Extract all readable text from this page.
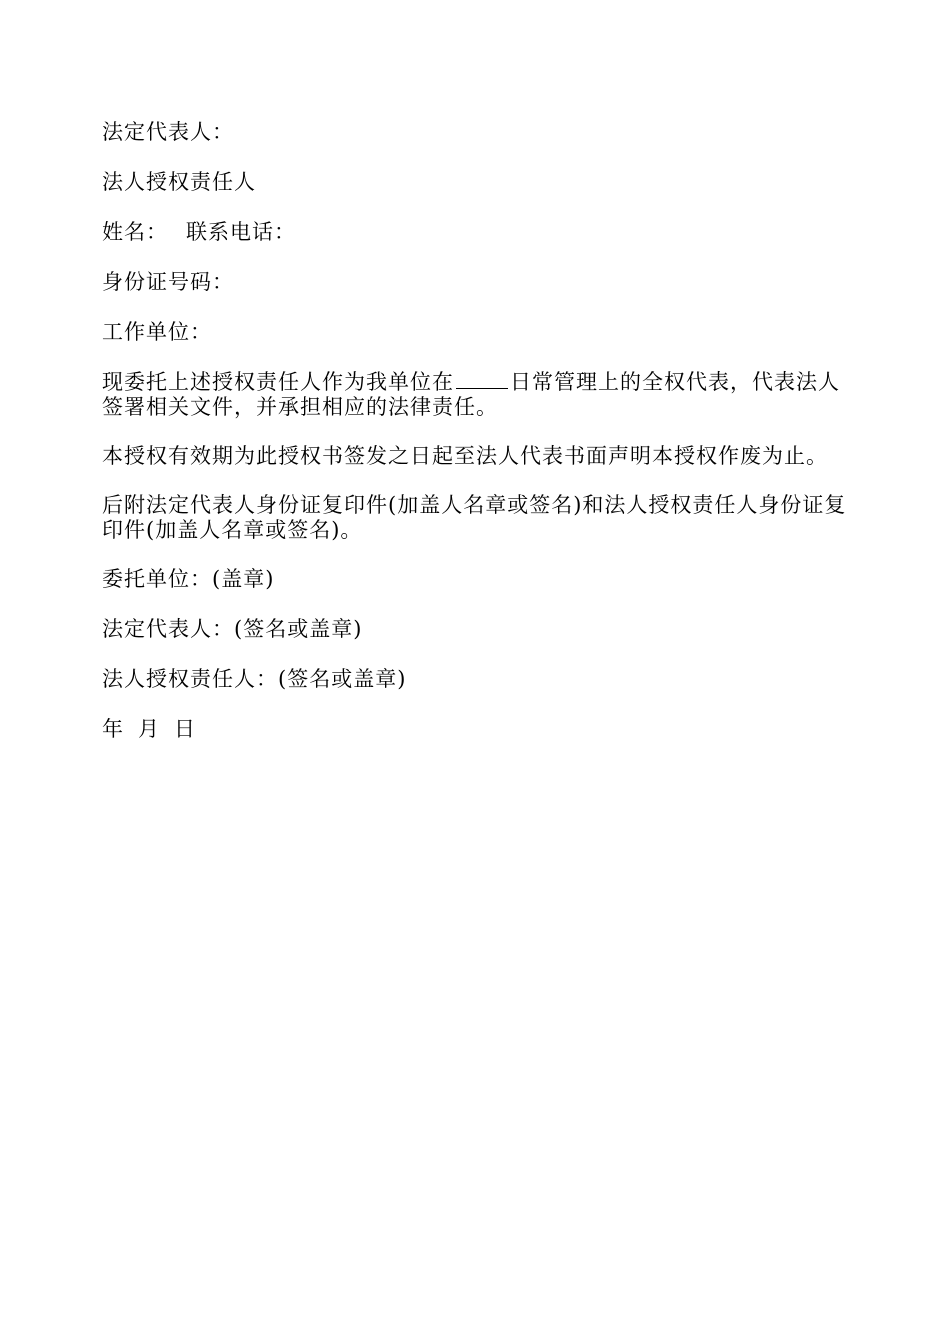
法定代表人：

法人授权责任人

姓名： 联系电话：

身份证号码：

工作单位：

现委托上述授权责任人作为我单位在	日常管理上的全权代表，代表法人签署相关文件，并承担相应的法律责任。

本授权有效期为此授权书签发之日起至法人代表书面声明本授权作废为止。

后附法定代表人身份证复印件(加盖人名章或签名)和法人授权责任人身份证复印件(加盖人名章或签名)。

委托单位：(盖章)

法定代表人：(签名或盖章)

法人授权责任人：(签名或盖章)

年 月 日
